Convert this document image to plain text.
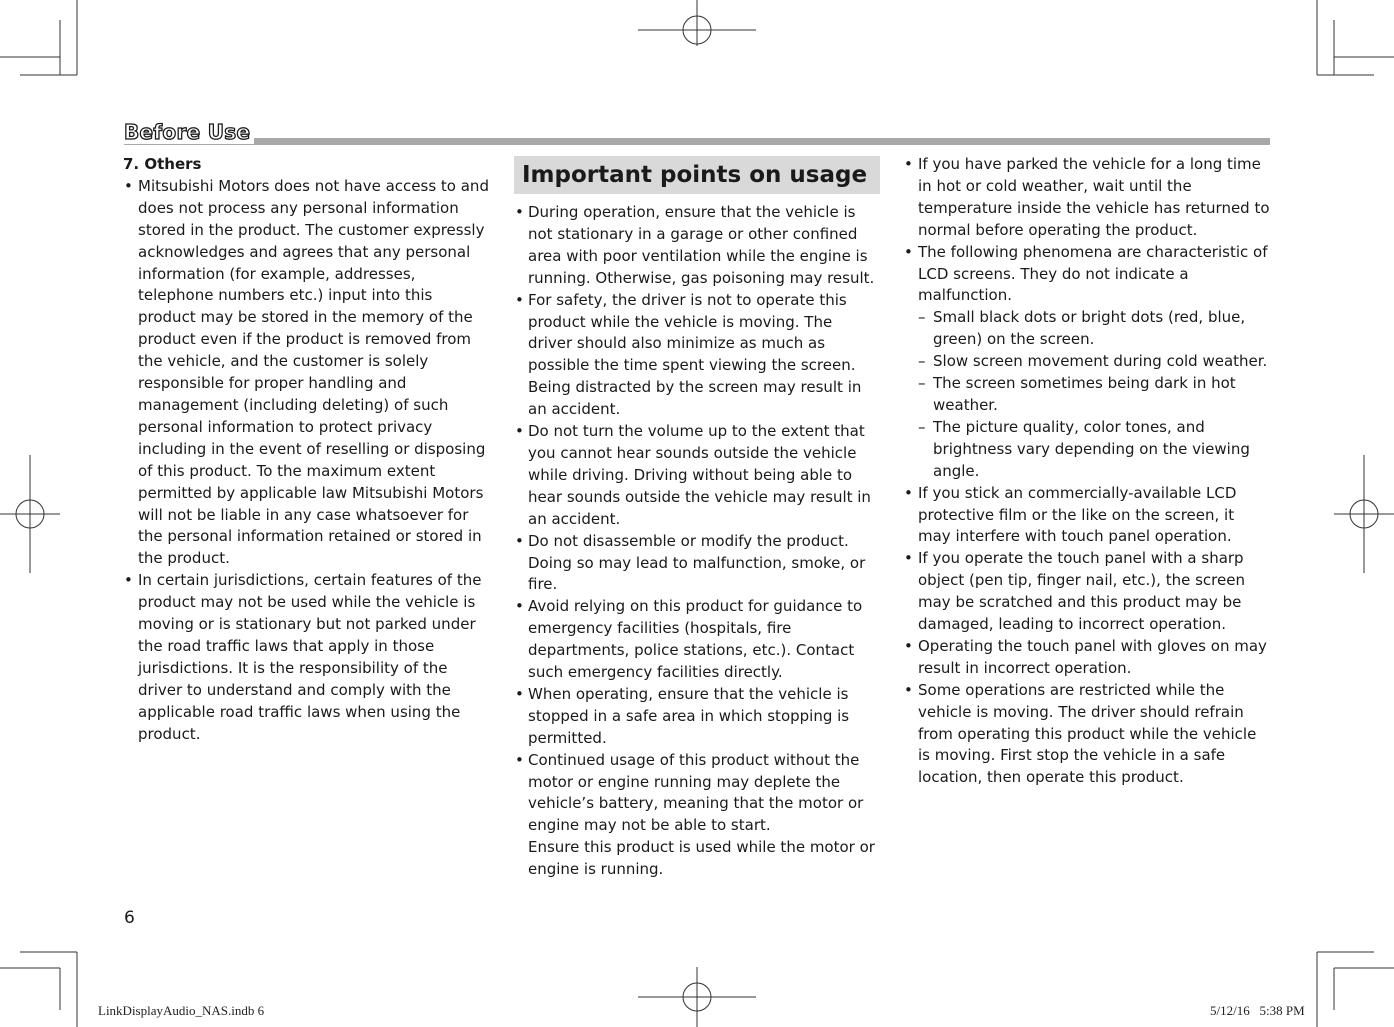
Before Use
7. Others
• Mitsubishi Motors does not have access to and does not process any personal information stored in the product. The customer expressly acknowledges and agrees that any personal information (for example, addresses, telephone numbers etc.) input into this product may be stored in the memory of the product even if the product is removed from the vehicle, and the customer is solely responsible for proper handling and management (including deleting) of such personal information to protect privacy including in the event of reselling or disposing of this product. To the maximum extent permitted by applicable law Mitsubishi Motors will not be liable in any case whatsoever for the personal information retained or stored in the product.
• In certain jurisdictions, certain features of the product may not be used while the vehicle is moving or is stationary but not parked under the road traffic laws that apply in those jurisdictions. It is the responsibility of the driver to understand and comply with the applicable road traffic laws when using the product.
Important points on usage
• During operation, ensure that the vehicle is not stationary in a garage or other confined area with poor ventilation while the engine is running. Otherwise, gas poisoning may result.
• For safety, the driver is not to operate this product while the vehicle is moving. The driver should also minimize as much as possible the time spent viewing the screen. Being distracted by the screen may result in an accident.
• Do not turn the volume up to the extent that you cannot hear sounds outside the vehicle while driving. Driving without being able to hear sounds outside the vehicle may result in an accident.
• Do not disassemble or modify the product. Doing so may lead to malfunction, smoke, or fire.
• Avoid relying on this product for guidance to emergency facilities (hospitals, fire departments, police stations, etc.). Contact such emergency facilities directly.
• When operating, ensure that the vehicle is stopped in a safe area in which stopping is permitted.
• Continued usage of this product without the motor or engine running may deplete the vehicle’s battery, meaning that the motor or engine may not be able to start.
Ensure this product is used while the motor or engine is running.
• If you have parked the vehicle for a long time in hot or cold weather, wait until the temperature inside the vehicle has returned to normal before operating the product.
• The following phenomena are characteristic of LCD screens. They do not indicate a malfunction.
– Small black dots or bright dots (red, blue, green) on the screen.
– Slow screen movement during cold weather.
– The screen sometimes being dark in hot weather.
– The picture quality, color tones, and brightness vary depending on the viewing angle.
• If you stick an commercially-available LCD protective film or the like on the screen, it may interfere with touch panel operation.
• If you operate the touch panel with a sharp object (pen tip, finger nail, etc.), the screen may be scratched and this product may be damaged, leading to incorrect operation.
• Operating the touch panel with gloves on may result in incorrect operation.
• Some operations are restricted while the vehicle is moving. The driver should refrain from operating this product while the vehicle is moving. First stop the vehicle in a safe location, then operate this product.
6
LinkDisplayAudio_NAS.indb 6	5/12/16   5:38 PM
